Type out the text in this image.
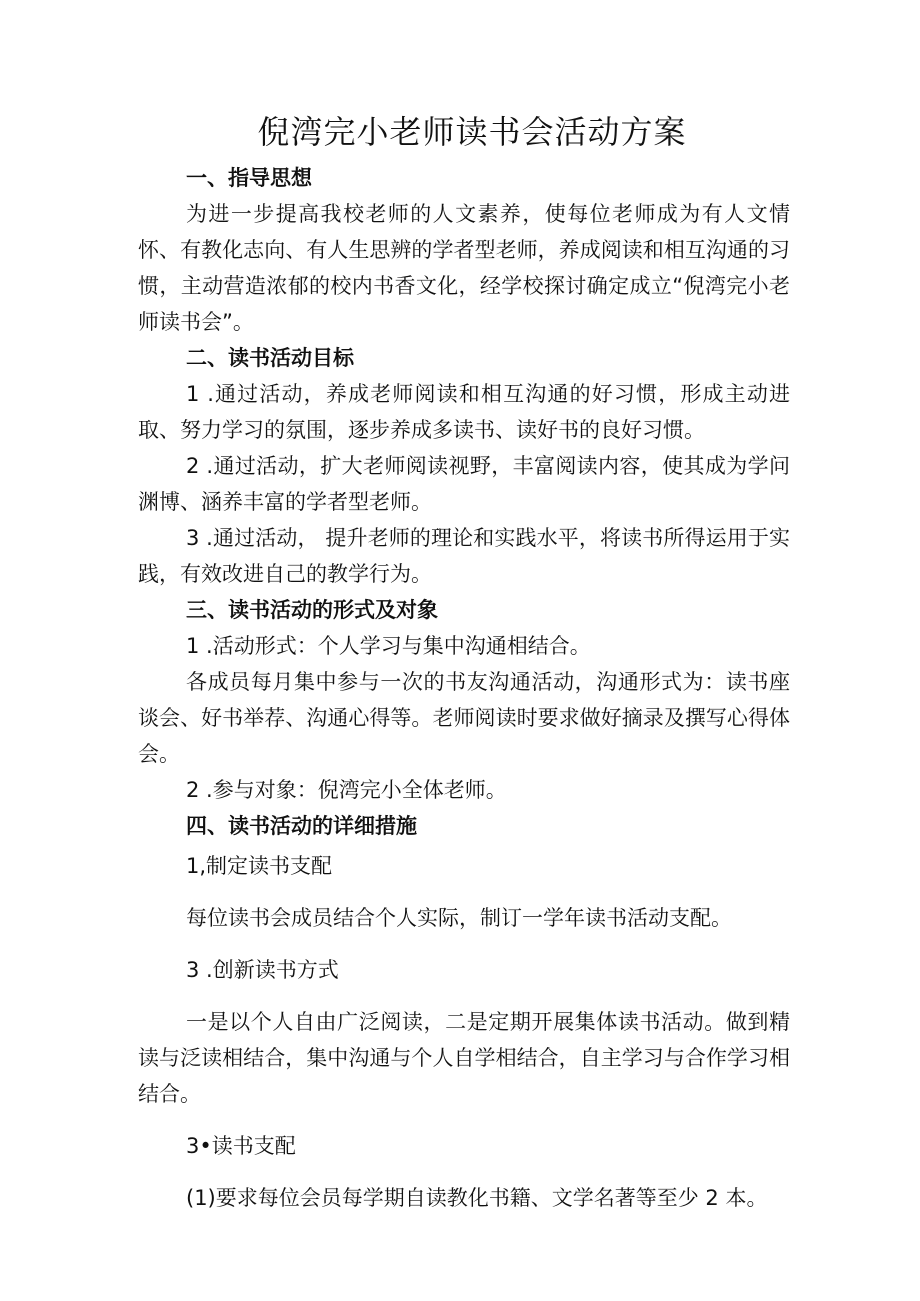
倪湾完小老师读书会活动方案

一、指导思想

为进一步提高我校老师的人文素养，使每位老师成为有人文情怀、有教化志向、有人生思辨的学者型老师，养成阅读和相互沟通的习惯，主动营造浓郁的校内书香文化，经学校探讨确定成立“倪湾完小老师读书会”。

二、读书活动目标

1 .通过活动，养成老师阅读和相互沟通的好习惯，形成主动进取、努力学习的氛围，逐步养成多读书、读好书的良好习惯。

2 .通过活动，扩大老师阅读视野，丰富阅读内容，使其成为学问渊博、涵养丰富的学者型老师。

3 .通过活动， 提升老师的理论和实践水平，将读书所得运用于实践，有效改进自己的教学行为。

三、读书活动的形式及对象

1 .活动形式：个人学习与集中沟通相结合。

各成员每月集中参与一次的书友沟通活动，沟通形式为：读书座谈会、好书举荐、沟通心得等。老师阅读时要求做好摘录及撰写心得体会。

2 .参与对象：倪湾完小全体老师。

四、读书活动的详细措施

1,制定读书支配

每位读书会成员结合个人实际，制订一学年读书活动支配。

3 .创新读书方式

一是以个人自由广泛阅读，二是定期开展集体读书活动。做到精读与泛读相结合，集中沟通与个人自学相结合，自主学习与合作学习相结合。

3•读书支配

(1)要求每位会员每学期自读教化书籍、文学名著等至少 2 本。
